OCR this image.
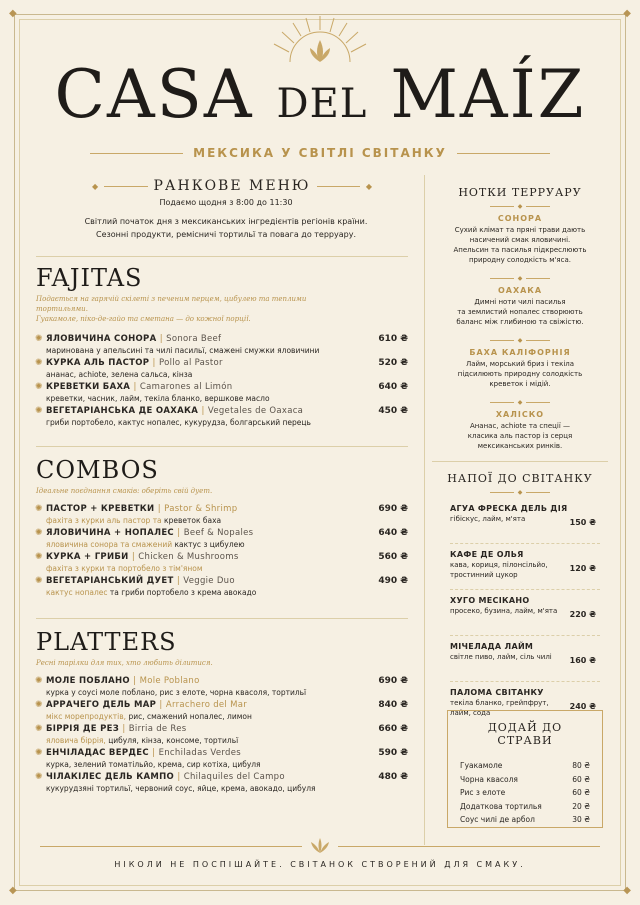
◆	◆
◆	◆
CASA DEL MAÍZ
МЕКСИКА У СВІТЛІ СВІТАНКУ
◆	РАНКОВЕ МЕНЮ	◆
Подаємо щодня з 8:00 до 11:30
Світлий початок дня з мексиканських інгредієнтів регіонів країни.
Сезонні продукти, ремісничі тортильї та повага до терруару.
FAJITAS
Подається на гарячій скілеті з печеним перцем, цибулею та теплими тортильями.
Гуакамоле, піко-де-гайо та сметана — до кожної порції.
✺ ЯЛОВИЧИНА СОНОРА | Sonora Beef
маринована у апельсині та чилі пасильї, смажені смужки яловичини
610 ₴
✺ КУРКА АЛЬ ПАСТОР | Pollo al Pastor
ананас, achiote, зелена сальса, кінза
520 ₴
✺ КРЕВЕТКИ БАХА | Camarones al Limón
креветки, часник, лайм, текіла бланко, вершкове масло
640 ₴
✺ ВЕГЕТАРІАНСЬКА ДЕ ОАХАКА | Vegetales de Oaxaca
гриби портобело, кактус нопалес, кукурудза, болгарський перець
450 ₴
COMBOS
Ідеальне поєднання смаків: оберіть свій дует.
✺ ПАСТОР + КРЕВЕТКИ | Pastor & Shrimp
фахіта з курки аль пастор та креветок баха
690 ₴
✺ ЯЛОВИЧИНА + НОПАЛЕС | Beef & Nopales
яловичина сонора та смажений кактус з цибулею
640 ₴
✺ КУРКА + ГРИБИ | Chicken & Mushrooms
фахіта з курки та портобело з тім'яном
560 ₴
✺ ВЕГЕТАРІАНСЬКИЙ ДУЕТ | Veggie Duo
кактус нопалес та гриби портобело з крема авокадо
490 ₴
PLATTERS
Ресні тарілки для тих, хто любить ділитися.
✺ МОЛЕ ПОБЛАНО | Mole Poblano
курка у соусі моле поблано, рис з елоте, чорна квасоля, тортильї
690 ₴
✺ АРРАЧЕГО ДЕЛЬ МАР | Arrachero del Mar
мікс морепродуктів, рис, смажений нопалес, лимон
840 ₴
✺ БІРРІЯ ДЕ РЕЗ | Birria de Res
яловича біррія, цибуля, кінза, консоме, тортильї
660 ₴
✺ ЕНЧІЛАДАС ВЕРДЕС | Enchiladas Verdes
курка, зелений томатільйо, крема, сир котіха, цибуля
590 ₴
✺ ЧІЛАКІЛЕС ДЕЛЬ КАМПО | Chilaquiles del Campo
кукурудзяні тортильї, червоний соус, яйце, крема, авокадо, цибуля
480 ₴
НОТКИ ТЕРРУАРУ
◆
СОНОРА
Сухий клімат та пряні трави дають
насичений смак яловичині.
Апельсин та пасилья підкреслюють
природну солодкість м'яса.
◆
ОАХАКА
Димні ноти чилі пасилья
та землистий нопалес створюють
баланс між глибиною та свіжістю.
◆
БАХА КАЛІФОРНІЯ
Лайм, морський бриз і текіла
підсилюють природну солодкість
креветок і мідій.
◆
ХАЛІСКО
Ананас, achiote та спеції —
класика аль пастор із серця
мексиканських ринків.
НАПОЇ ДО СВІТАНКУ
◆
АГУА ФРЕСКА ДЕЛЬ ДІЯ
гібіскус, лайм, м'ята	150 ₴
КАФЕ ДЕ ОЛЬЯ
кава, кориця, пілонсільйо,
тростинний цукор
120 ₴
ХУГО МЕСІКАНО
просеко, бузина, лайм, м'ята	220 ₴
МІЧЕЛАДА ЛАЙМ
світле пиво, лайм, сіль чилі	160 ₴
ПАЛОМА СВІТАНКУ
текіла бланко, грейпфрут,
лайм, сода
240 ₴
ДОДАЙ ДО СТРАВИ
Гуакамоле	80 ₴
Чорна квасоля	60 ₴
Рис з елоте	60 ₴
Додаткова тортилья	20 ₴
Соус чилі де арбол	30 ₴
НІКОЛИ НЕ ПОСПІШАЙТЕ. СВІТАНОК СТВОРЕНИЙ ДЛЯ СМАКУ.
